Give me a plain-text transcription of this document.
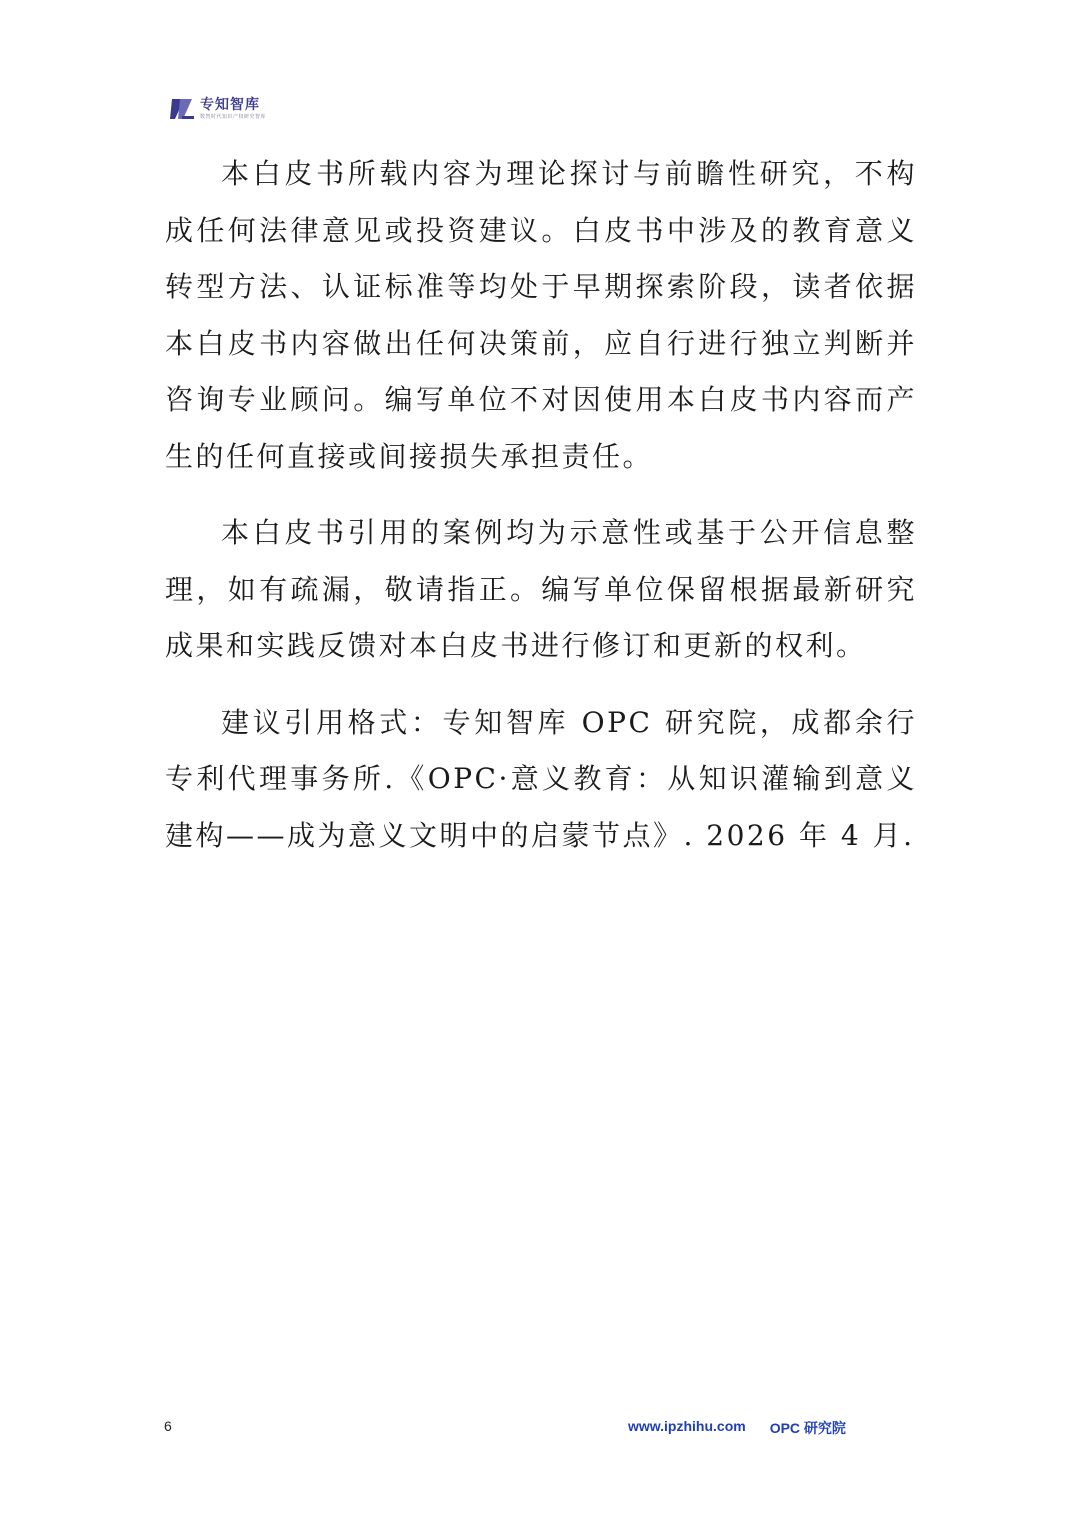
专知智库
数智时代知识产权研究智库

本白皮书所载内容为理论探讨与前瞻性研究，不构成任何法律意见或投资建议。白皮书中涉及的教育意义转型方法、认证标准等均处于早期探索阶段，读者依据本白皮书内容做出任何决策前，应自行进行独立判断并咨询专业顾问。编写单位不对因使用本白皮书内容而产生的任何直接或间接损失承担责任。

本白皮书引用的案例均为示意性或基于公开信息整理，如有疏漏，敬请指正。编写单位保留根据最新研究成果和实践反馈对本白皮书进行修订和更新的权利。

建议引用格式：专知智库 OPC 研究院，成都余行专利代理事务所.《OPC·意义教育：从知识灌输到意义建构——成为意义文明中的启蒙节点》. 2026 年 4 月.

6	www.ipzhihu.com OPC 研究院
